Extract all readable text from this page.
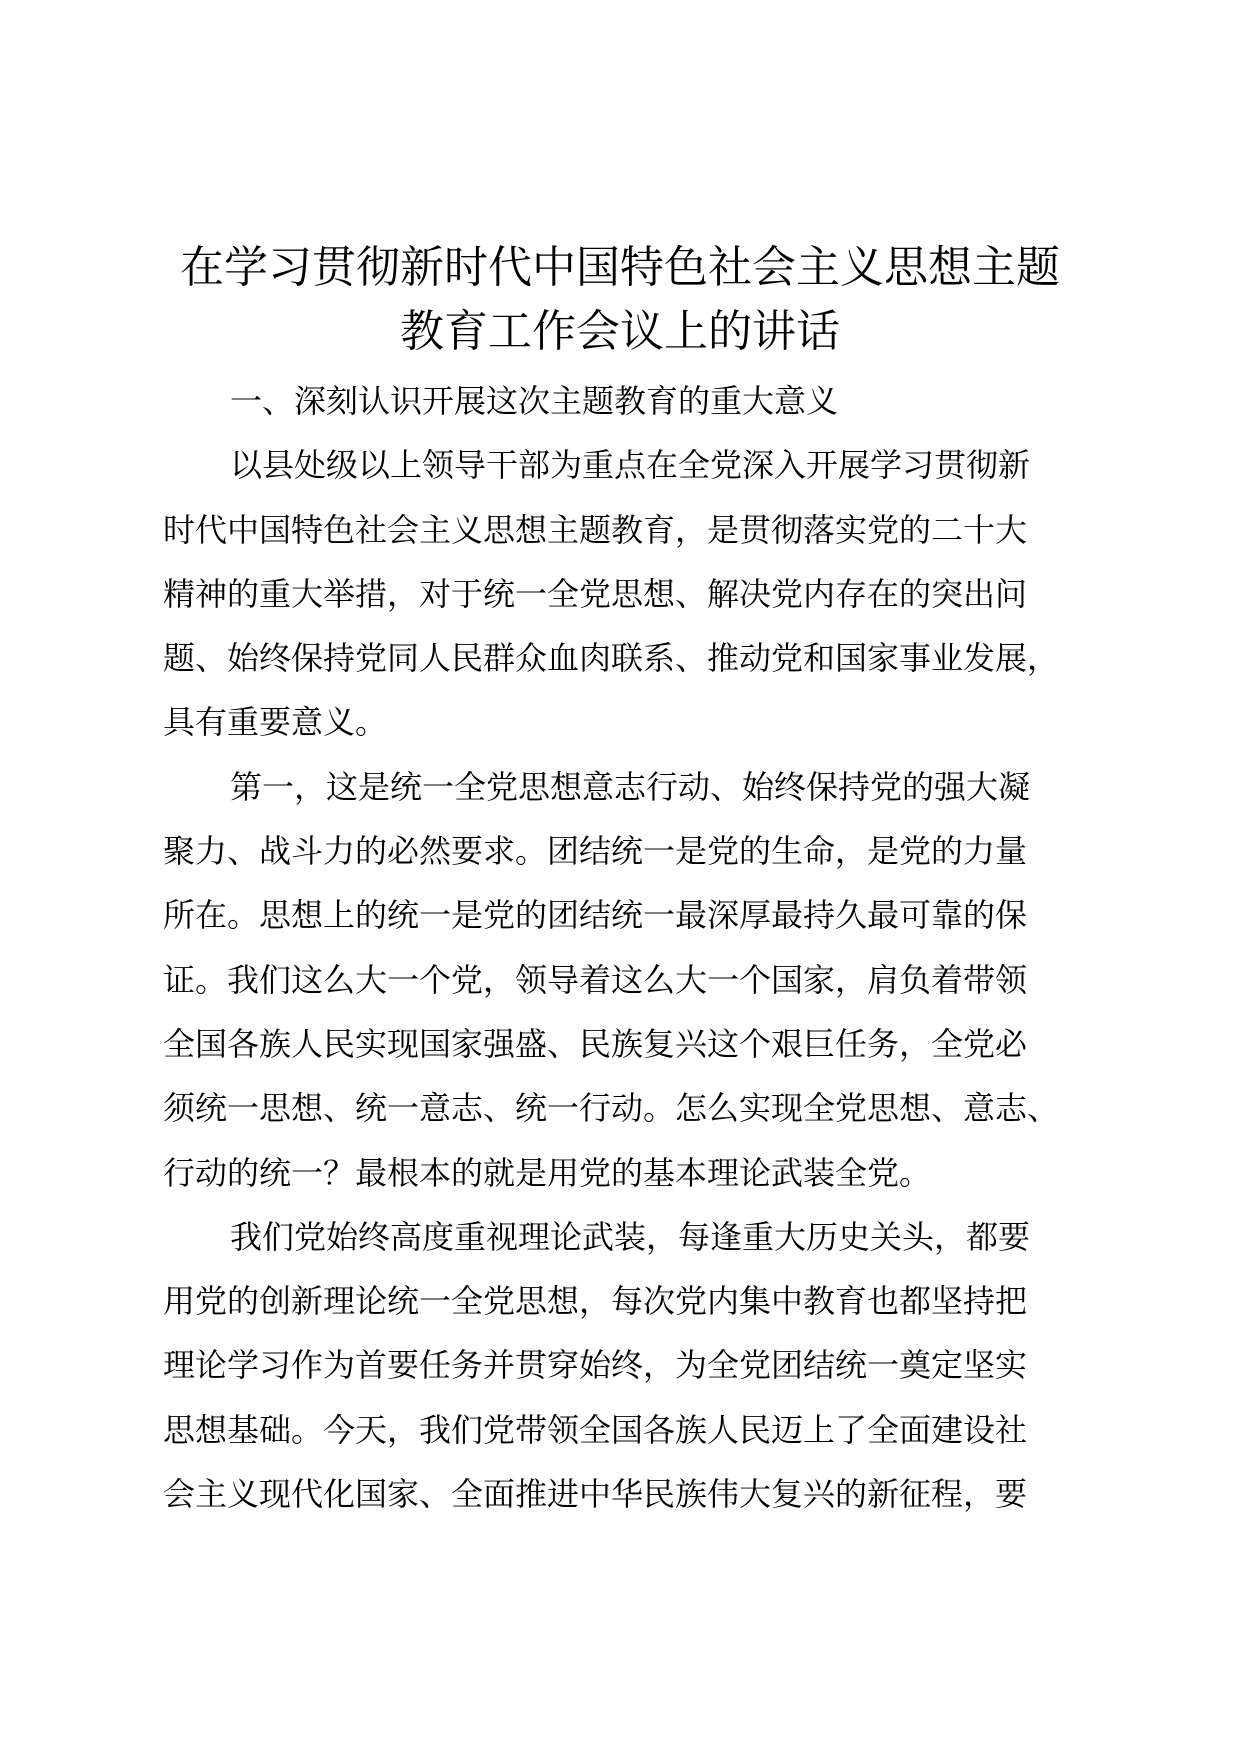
在学习贯彻新时代中国特色社会主义思想主题

教育工作会议上的讲话

一、深刻认识开展这次主题教育的重大意义

以县处级以上领导干部为重点在全党深入开展学习贯彻新

时代中国特色社会主义思想主题教育，是贯彻落实党的二十大

精神的重大举措，对于统一全党思想、解决党内存在的突出问

题、始终保持党同人民群众血肉联系、推动党和国家事业发展，

具有重要意义。

第一，这是统一全党思想意志行动、始终保持党的强大凝

聚力、战斗力的必然要求。团结统一是党的生命，是党的力量

所在。思想上的统一是党的团结统一最深厚最持久最可靠的保

证。我们这么大一个党，领导着这么大一个国家，肩负着带领

全国各族人民实现国家强盛、民族复兴这个艰巨任务，全党必

须统一思想、统一意志、统一行动。怎么实现全党思想、意志、

行动的统一？最根本的就是用党的基本理论武装全党。

我们党始终高度重视理论武装，每逢重大历史关头，都要

用党的创新理论统一全党思想，每次党内集中教育也都坚持把

理论学习作为首要任务并贯穿始终，为全党团结统一奠定坚实

思想基础。今天，我们党带领全国各族人民迈上了全面建设社

会主义现代化国家、全面推进中华民族伟大复兴的新征程，要
